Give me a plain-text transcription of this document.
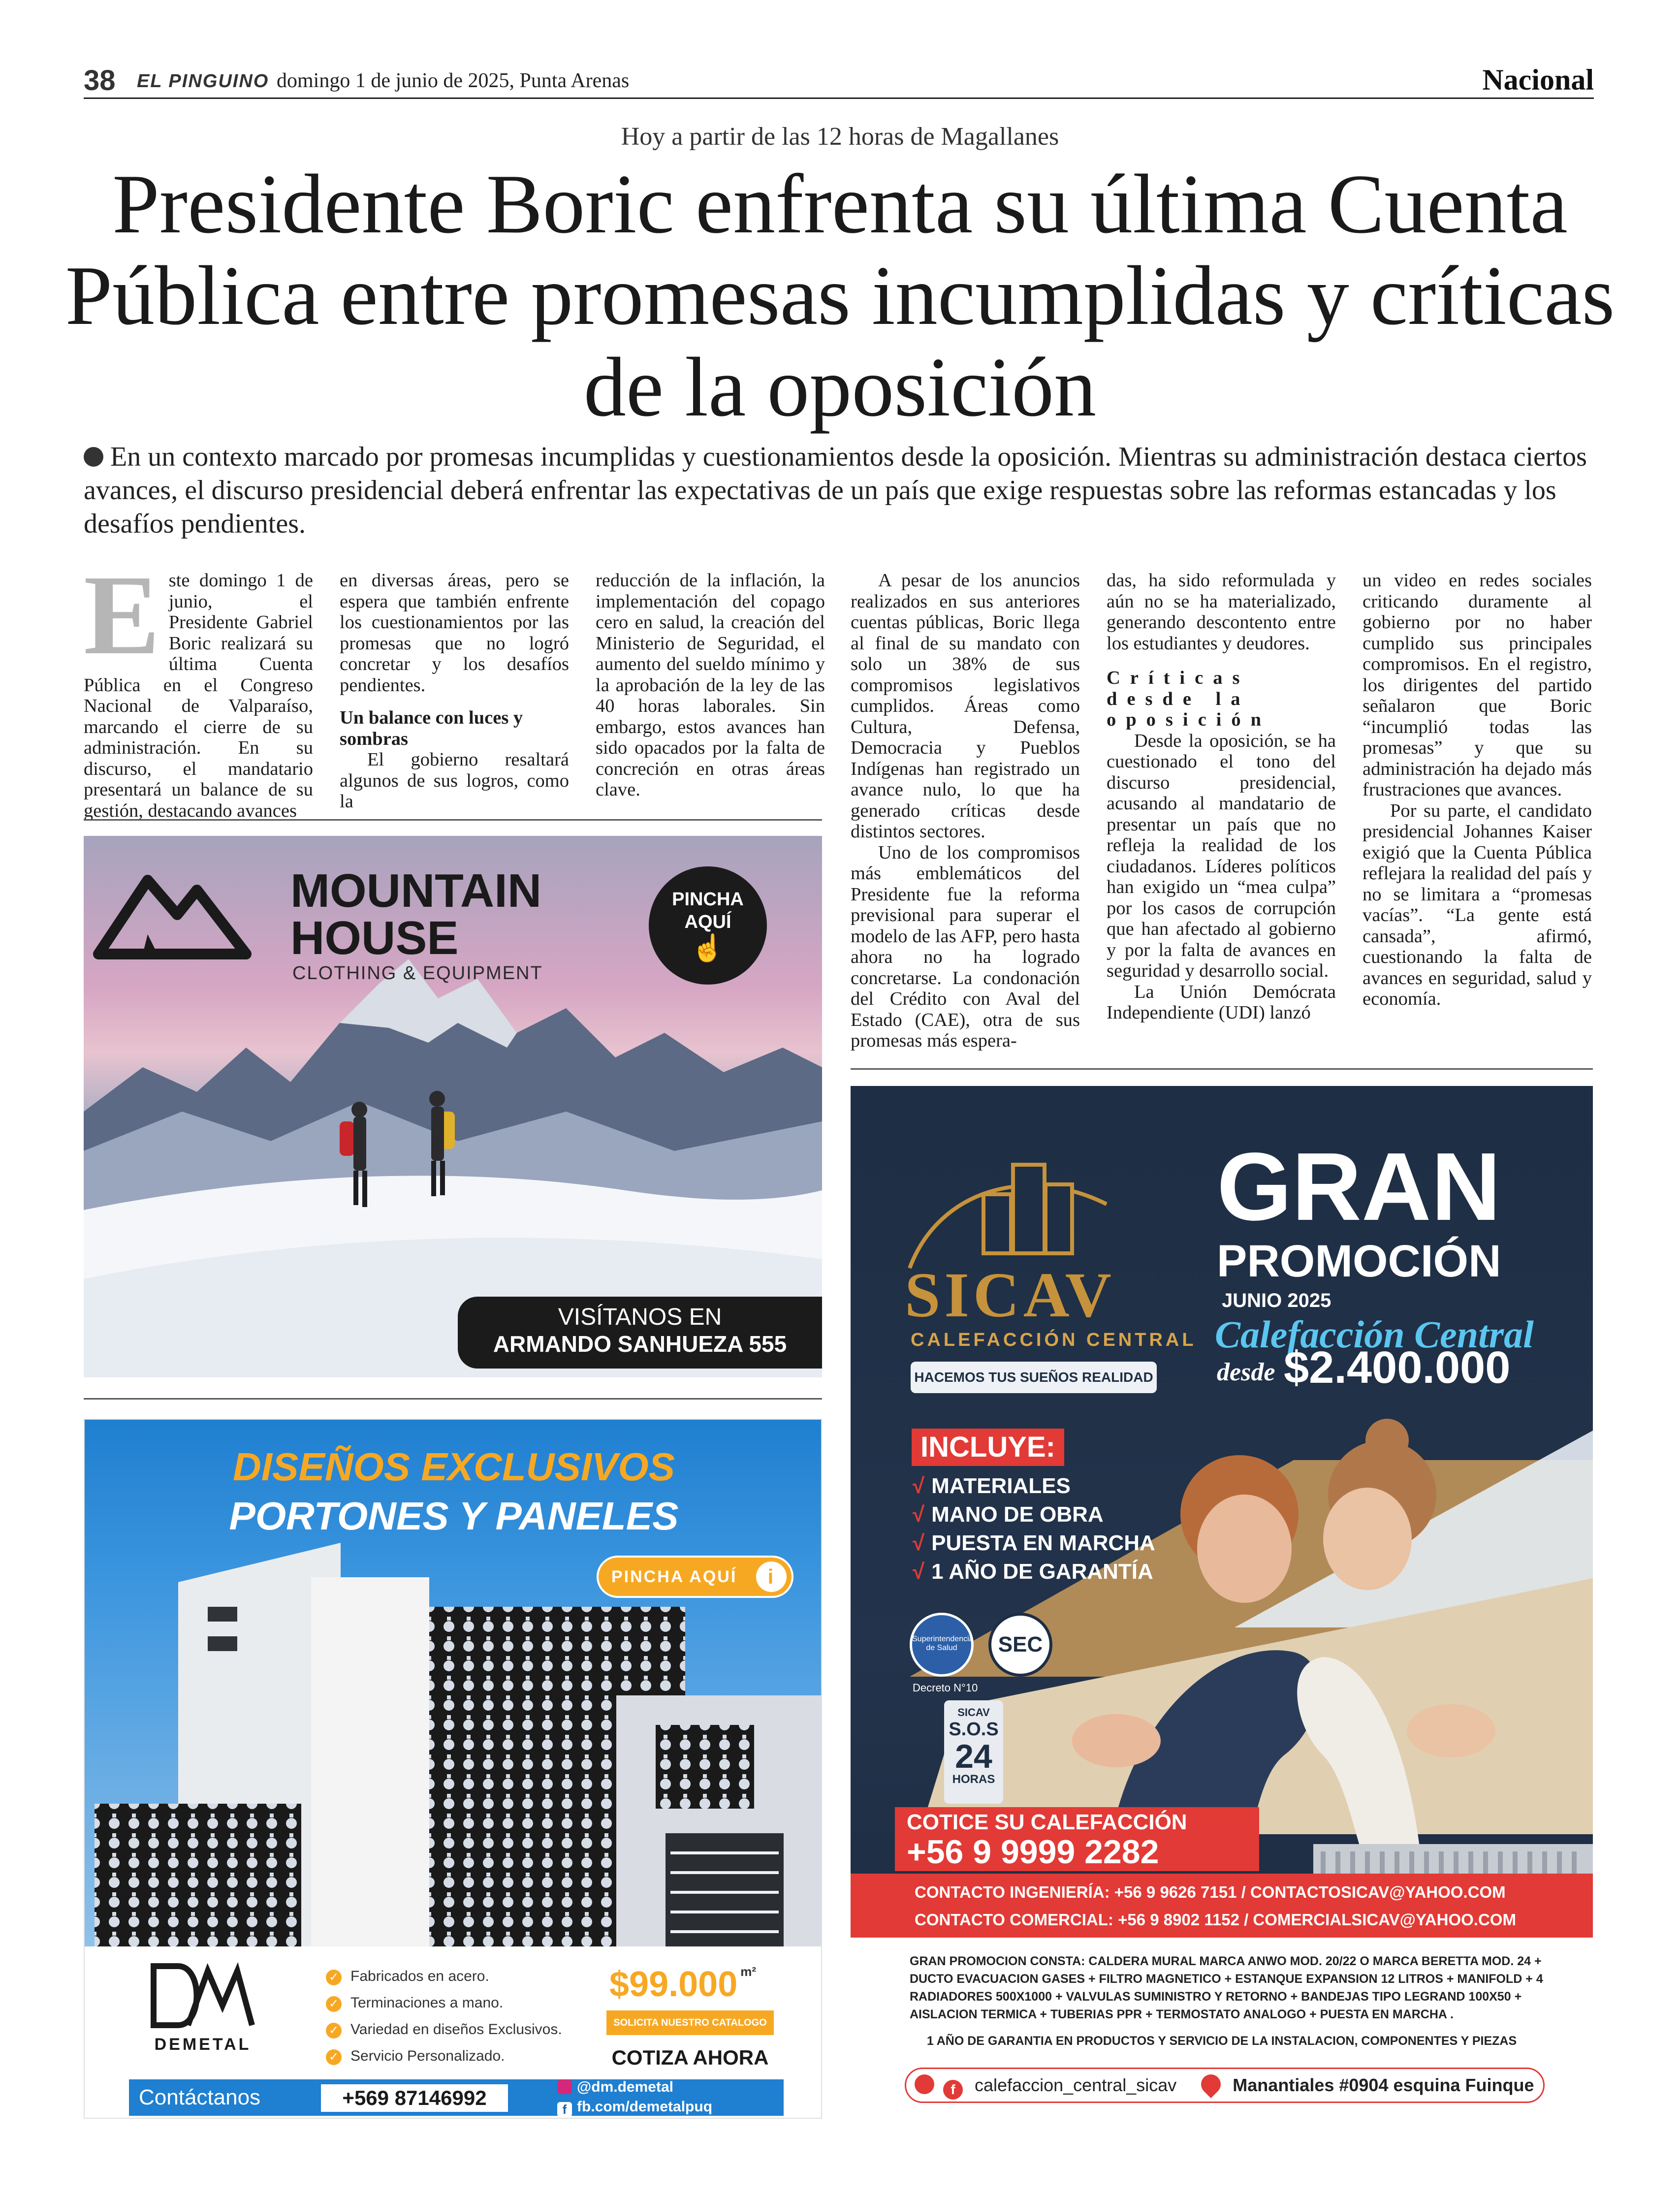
38 EL PINGUINO domingo 1 de junio de 2025, Punta Arenas	Nacional
Hoy a partir de las 12 horas de Magallanes
Presidente Boric enfrenta su última Cuenta Pública entre promesas incumplidas y críticas de la oposición
En un contexto marcado por promesas incumplidas y cuestionamientos desde la oposición. Mientras su administración destaca ciertos avances, el discurso presidencial deberá enfrentar las expectativas de un país que exige respuestas sobre las reformas estancadas y los desafíos pendientes.
E ste domingo 1 de junio, el Presidente Gabriel Boric realizará su última Cuenta Pública en el Congreso Nacional de Valparaíso, marcando el cierre de su administración. En su discurso, el mandatario presentará un balance de su gestión, destacando avances

en diversas áreas, pero se espera que también enfrente los cuestionamientos por las promesas que no logró concretar y los desafíos pendientes.

Un balance con luces y sombras

El gobierno resaltará algunos de sus logros, como la

reducción de la inflación, la implementación del copago cero en salud, la creación del Ministerio de Seguridad, el aumento del sueldo mínimo y la aprobación de la ley de las 40 horas laborales. Sin embargo, estos avances han sido opacados por la falta de concreción en otras áreas clave.

A pesar de los anuncios realizados en sus anteriores cuentas públicas, Boric llega al final de su mandato con solo un 38% de sus compromisos legislativos cumplidos. Áreas como Cultura, Defensa, Democracia y Pueblos Indígenas han registrado un avance nulo, lo que ha generado críticas desde distintos sectores.

Uno de los compromisos más emblemáticos del Presidente fue la reforma previsional para superar el modelo de las AFP, pero hasta ahora no ha logrado concretarse. La condonación del Crédito con Aval del Estado (CAE), otra de sus promesas más espera-

das, ha sido reformulada y aún no se ha materializado, generando descontento entre los estudiantes y deudores.

Críticas desde la oposición

Desde la oposición, se ha cuestionado el tono del discurso presidencial, acusando al mandatario de presentar un país que no refleja la realidad de los ciudadanos. Líderes políticos han exigido un “mea culpa” por los casos de corrupción que han afectado al gobierno y por la falta de avances en seguridad y desarrollo social.

La Unión Demócrata Independiente (UDI) lanzó

un video en redes sociales criticando duramente al gobierno por no haber cumplido sus principales compromisos. En el registro, los dirigentes del partido señalaron que Boric “incumplió todas las promesas” y que su administración ha dejado más frustraciones que avances.

Por su parte, el candidato presidencial Johannes Kaiser exigió que la Cuenta Pública reflejara la realidad del país y no se limitara a “promesas vacías”. “La gente está cansada”, afirmó, cuestionando la falta de avances en seguridad, salud y economía.

MOUNTAIN
HOUSE
CLOTHING & EQUIPMENT
PINCHA
AQUÍ
☝
VISÍTANOS EN
ARMANDO SANHUEZA 555
DISEÑOS EXCLUSIVOS
PORTONES Y PANELES
PINCHA AQUÍ	i
DEMETAL
✓ Fabricados en acero.
✓ Terminaciones a mano.
✓ Variedad en diseños Exclusivos.
✓ Servicio Personalizado.
$99.000 $^{m^2}$
SOLICITA NUESTRO CATALOGO
COTIZA AHORA
Contáctanos	+569 87146992	@dm.demetal
f fb.com/demetalpuq
SICAV
CALEFACCIÓN CENTRAL
HACEMOS TUS SUEÑOS REALIDAD
GRAN
PROMOCIÓN
JUNIO 2025
Calefacción Central
desde $2.400.000
INCLUYE:
√ MATERIALES
√ MANO DE OBRA
√ PUESTA EN MARCHA
√ 1 AÑO DE GARANTÍA
Superintendencia de Salud
Decreto N°10
SEC
SICAV
S.O.S
24
HORAS
COTICE SU CALEFACCIÓN
+56 9 9999 2282
CONTACTO INGENIERÍA: +56 9 9626 7151 / CONTACTOSICAV@YAHOO.COM
CONTACTO COMERCIAL: +56 9 8902 1152 / COMERCIALSICAV@YAHOO.COM
GRAN PROMOCION CONSTA: CALDERA MURAL MARCA ANWO MOD. 20/22 O MARCA BERETTA MOD. 24 + DUCTO EVACUACION GASES + FILTRO MAGNETICO + ESTANQUE EXPANSION 12 LITROS + MANIFOLD + 4 RADIADORES 500X1000 + VALVULAS SUMINISTRO Y RETORNO + BANDEJAS TIPO LEGRAND 100X50 + AISLACION TERMICA + TUBERIAS PPR + TERMOSTATO ANALOGO + PUESTA EN MARCHA .
1 AÑO DE GARANTIA EN PRODUCTOS Y SERVICIO DE LA INSTALACION, COMPONENTES Y PIEZAS
f calefaccion_central_sicav	Manantiales #0904 esquina Fuinque
